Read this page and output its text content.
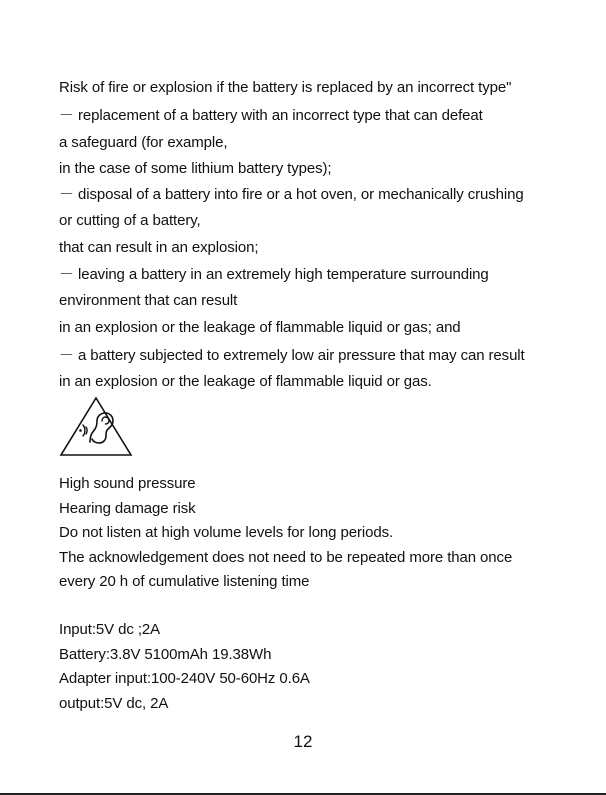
Risk of fire or explosion if the battery is replaced by an incorrect type"
－ replacement of a battery with an incorrect type that can defeat
a safeguard (for example,
in the case of some lithium battery types);
－ disposal of a battery into fire or a hot oven, or mechanically crushing
or cutting of a battery,
that can result in an explosion;
－ leaving a battery in an extremely high temperature surrounding
environment that can result
in an explosion or the leakage of flammable liquid or gas; and
－ a battery subjected to extremely low air pressure that may can result
in an explosion or the leakage of flammable liquid or gas.
High sound pressure
Hearing damage risk
Do not listen at high volume levels for long periods.
The acknowledgement does not need to be repeated more than once
every 20 h of cumulative listening time
Input:5V dc ;2A
Battery:3.8V 5100mAh 19.38Wh
Adapter input:100-240V 50-60Hz 0.6A
output:5V dc, 2A
12
